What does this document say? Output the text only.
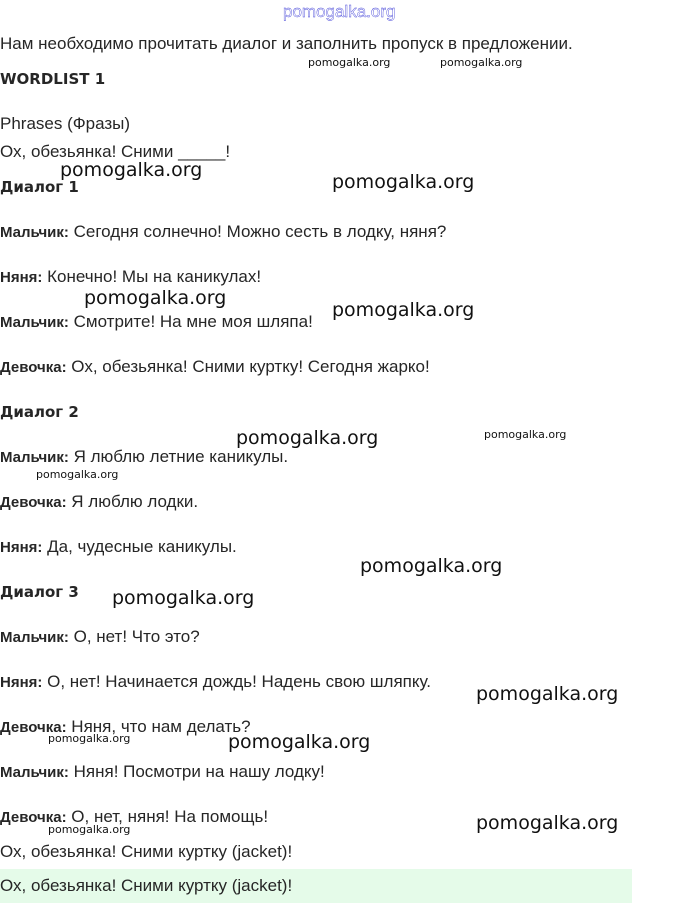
pomogalka.org
Нам необходимо прочитать диалог и заполнить пропуск в предложении.
WORDLIST 1
Phrases (Фразы)
Ох, обезьянка! Сними _____!
Диалог 1
Мальчик: Сегодня солнечно! Можно сесть в лодку, няня?
Няня: Конечно! Мы на каникулах!
Мальчик: Смотрите! На мне моя шляпа!
Девочка: Ох, обезьянка! Сними куртку! Сегодня жарко!
Диалог 2
Мальчик: Я люблю летние каникулы.
Девочка: Я люблю лодки.
Няня: Да, чудесные каникулы.
Диалог 3
Мальчик: О, нет! Что это?
Няня: О, нет! Начинается дождь! Надень свою шляпку.
Девочка: Няня, что нам делать?
Мальчик: Няня! Посмотри на нашу лодку!
Девочка: О, нет, няня! На помощь!
Ох, обезьянка! Сними куртку (jacket)!
Ох, обезьянка! Сними куртку (jacket)!
pomogalka.org	pomogalka.org
pomogalka.org
pomogalka.org
pomogalka.org
pomogalka.org
pomogalka.org	pomogalka.org
pomogalka.org
pomogalka.org
pomogalka.org
pomogalka.org
pomogalka.org	pomogalka.org
pomogalka.org
pomogalka.org
